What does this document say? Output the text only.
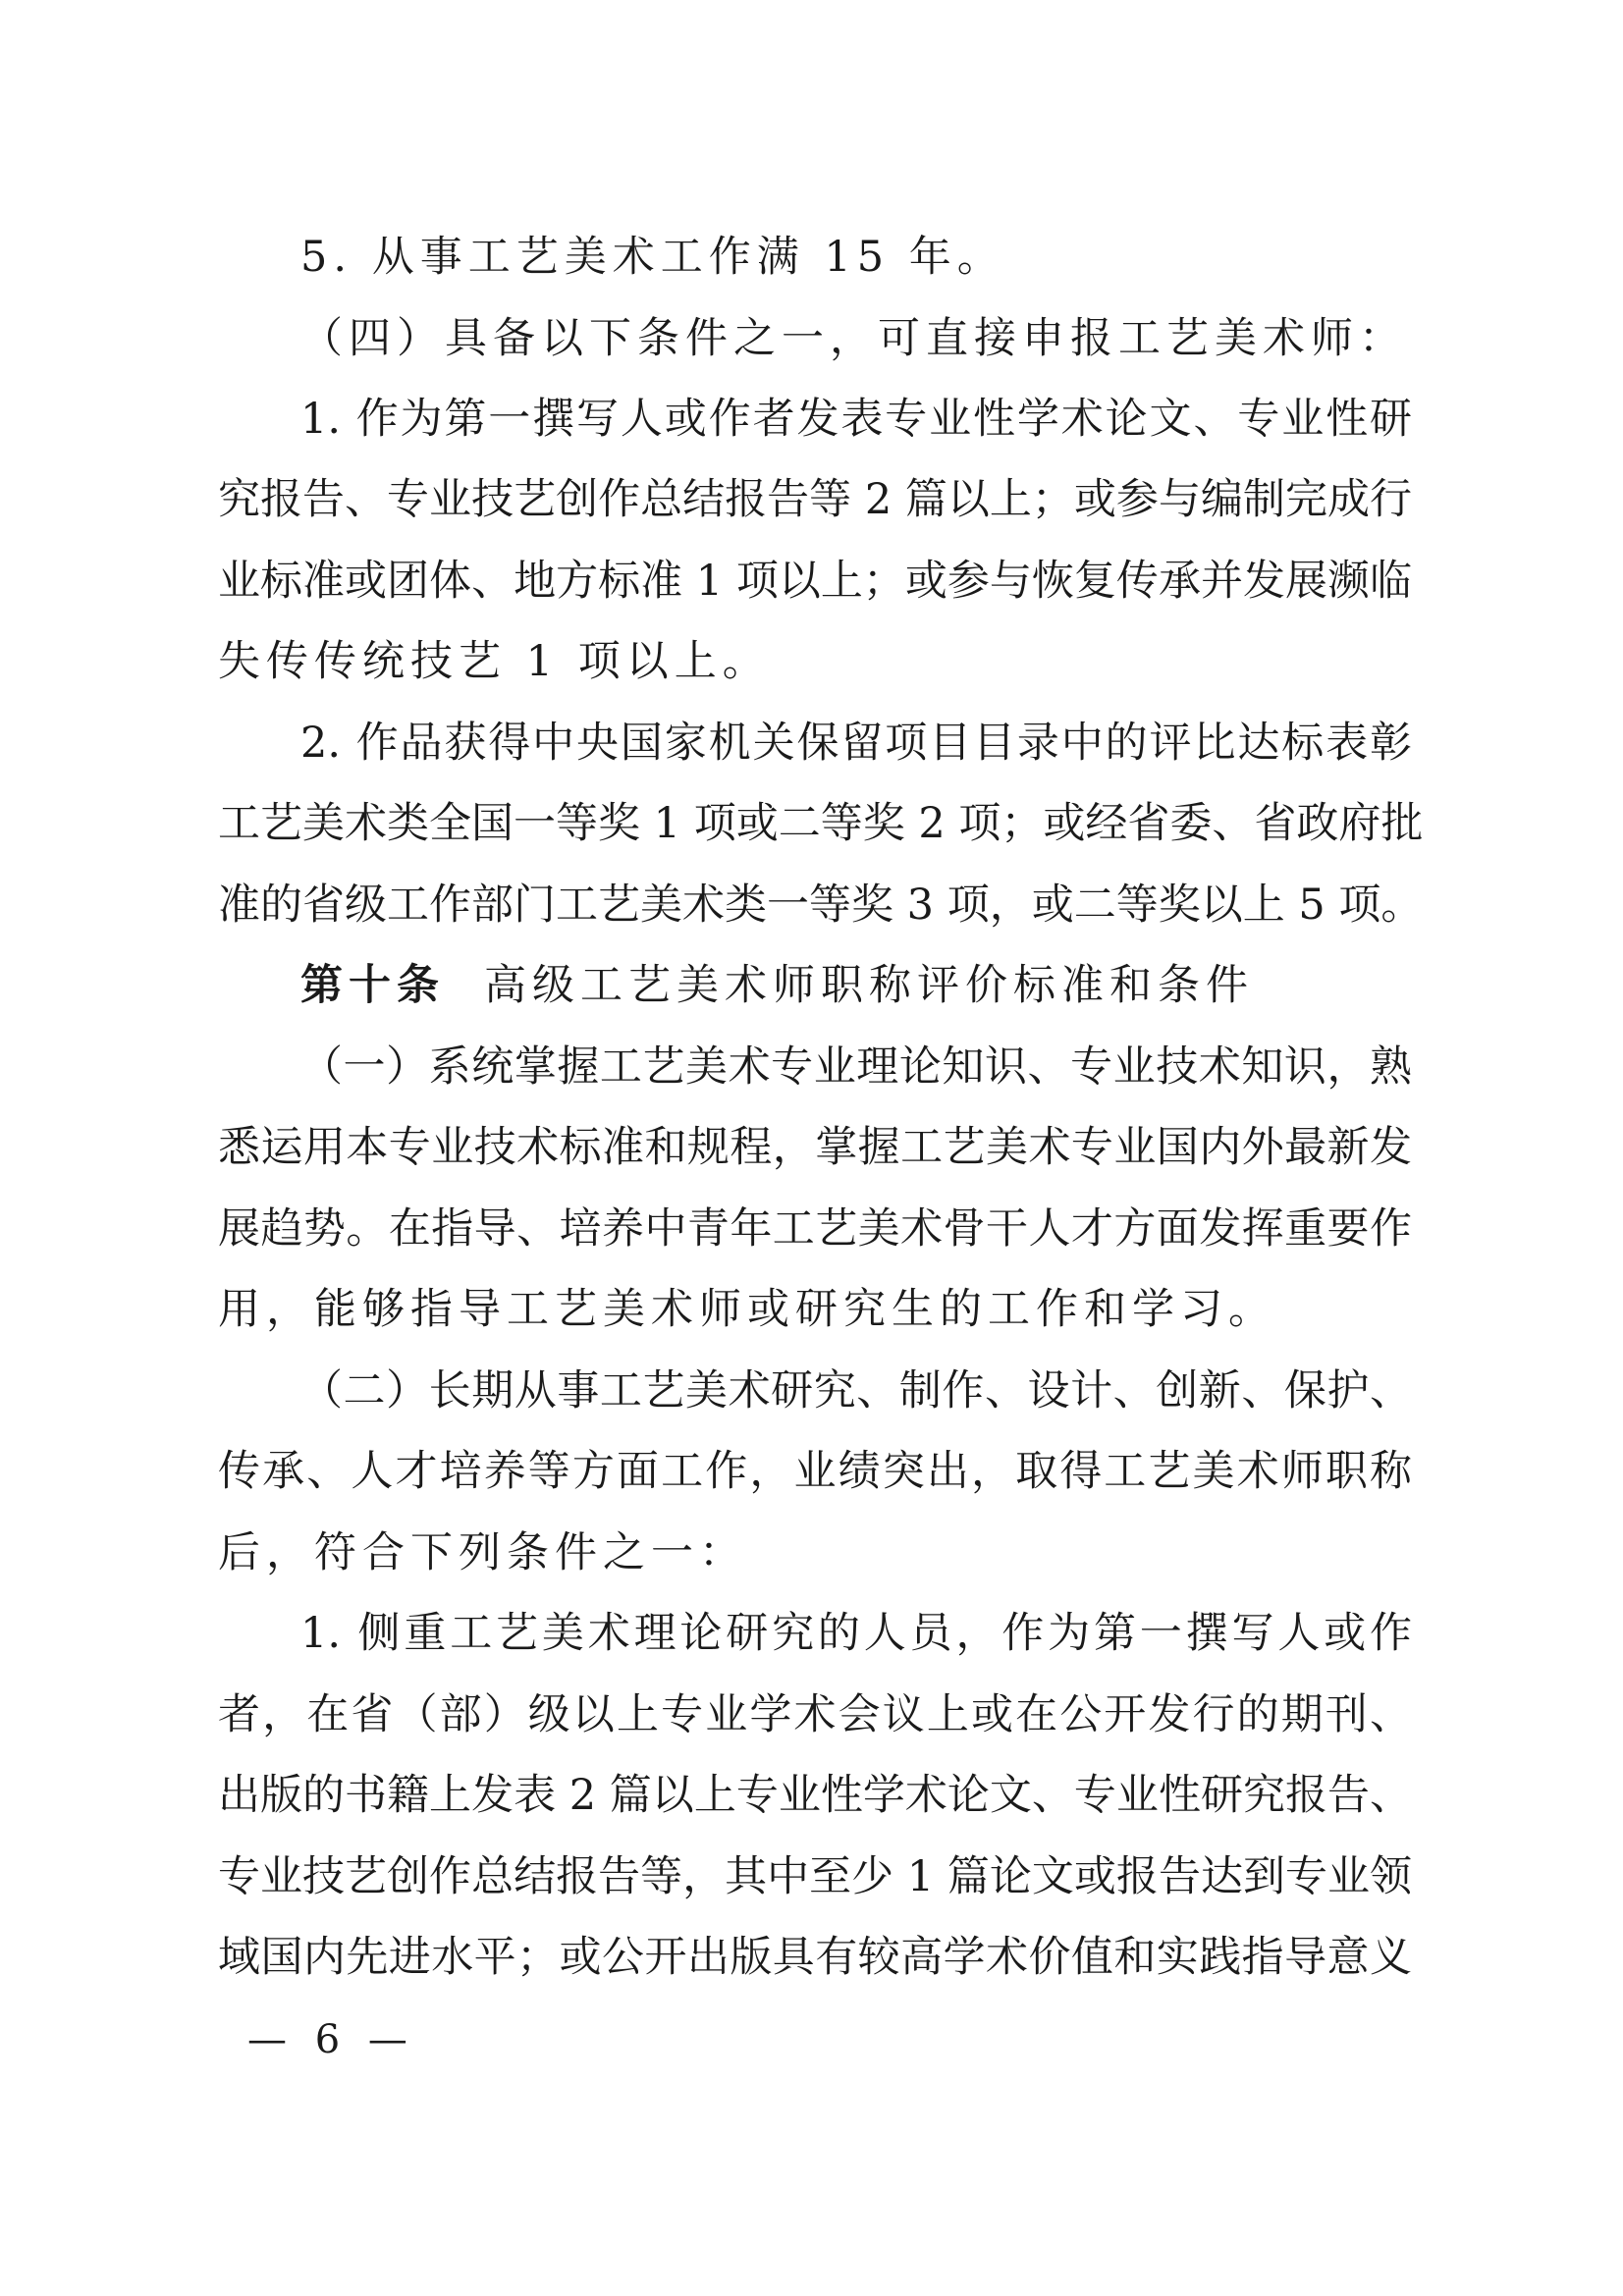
5. 从事工艺美术工作满 15 年。
（四）具备以下条件之一，可直接申报工艺美术师：
1. 作为第一撰写人或作者发表专业性学术论文、专业性研
究报告、专业技艺创作总结报告等 2 篇以上；或参与编制完成行
业标准或团体、地方标准 1 项以上；或参与恢复传承并发展濒临
失传传统技艺 1 项以上。
2. 作品获得中央国家机关保留项目目录中的评比达标表彰
工艺美术类全国一等奖 1 项或二等奖 2 项；或经省委、省政府批
准的省级工作部门工艺美术类一等奖 3 项，或二等奖以上 5 项。
第十条 高级工艺美术师职称评价标准和条件
（一）系统掌握工艺美术专业理论知识、专业技术知识，熟
悉运用本专业技术标准和规程，掌握工艺美术专业国内外最新发
展趋势。在指导、培养中青年工艺美术骨干人才方面发挥重要作
用，能够指导工艺美术师或研究生的工作和学习。
（二）长期从事工艺美术研究、制作、设计、创新、保护、
传承、人才培养等方面工作，业绩突出，取得工艺美术师职称
后，符合下列条件之一：
1. 侧重工艺美术理论研究的人员，作为第一撰写人或作
者，在省（部）级以上专业学术会议上或在公开发行的期刊、
出版的书籍上发表 2 篇以上专业性学术论文、专业性研究报告、
专业技艺创作总结报告等，其中至少 1 篇论文或报告达到专业领
域国内先进水平；或公开出版具有较高学术价值和实践指导意义
— 6 —
